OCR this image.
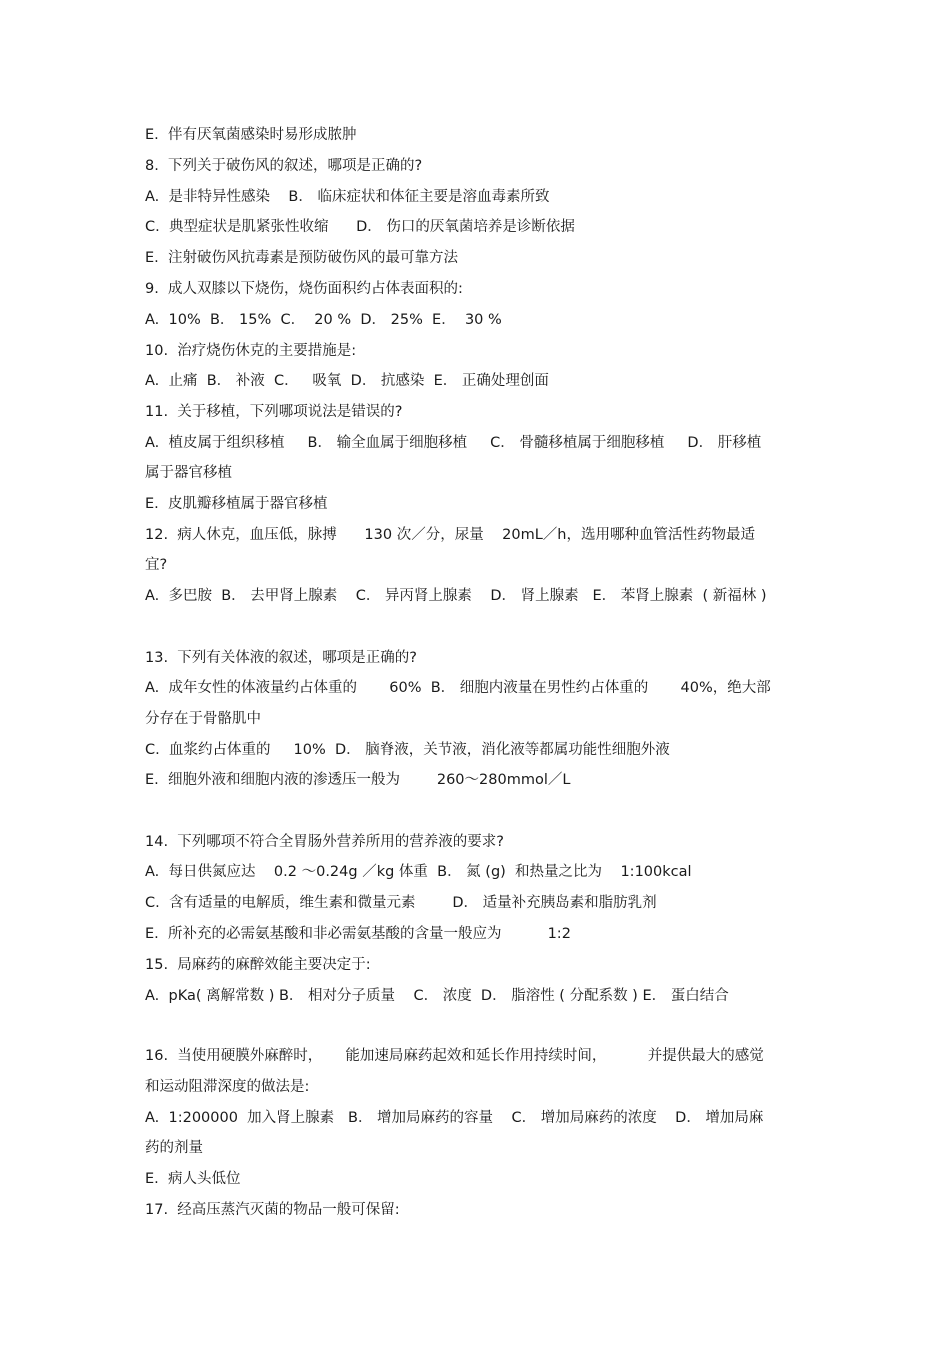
E.  伴有厌氧菌感染时易形成脓肿

8.  下列关于破伤风的叙述，哪项是正确的?

A.  是非特异性感染    B． 临床症状和体征主要是溶血毒素所致

C.  典型症状是肌紧张性收缩      D． 伤口的厌氧菌培养是诊断依据

E.  注射破伤风抗毒素是预防破伤风的最可靠方法

9.  成人双膝以下烧伤，烧伤面积约占体表面积的:

A.  10%  B． 15%  C．  20 %  D． 25%  E．  30 %

10.  治疗烧伤休克的主要措施是:

A.  止痛  B． 补液  C．   吸氧  D． 抗感染  E． 正确处理创面

11.  关于移植，下列哪项说法是错误的?

A.  植皮属于组织移植     B． 输全血属于细胞移植     C． 骨髓移植属于细胞移植     D． 肝移植

属于器官移植

E.  皮肌瓣移植属于器官移植

12.  病人休克，血压低，脉搏      130 次／分，尿量    20mL／h，选用哪种血管活性药物最适

宜?

A.  多巴胺  B． 去甲肾上腺素    C． 异丙肾上腺素    D． 肾上腺素   E． 苯肾上腺素  ( 新福林 )

13.  下列有关体液的叙述，哪项是正确的?

A.  成年女性的体液量约占体重的       60%  B． 细胞内液量在男性约占体重的       40%，绝大部

分存在于骨骼肌中

C.  血浆约占体重的     10%  D． 脑脊液，关节液，消化液等都属功能性细胞外液

E.  细胞外液和细胞内液的渗透压一般为        260～280mmol／L

14.  下列哪项不符合全胃肠外营养所用的营养液的要求?

A.  每日供氮应达    0.2 ～0.24g ／kg 体重  B． 氮 (g)  和热量之比为    1:100kcal

C.  含有适量的电解质，维生素和微量元素        D． 适量补充胰岛素和脂肪乳剂

E.  所补充的必需氨基酸和非必需氨基酸的含量一般应为          1:2

15.  局麻药的麻醉效能主要决定于:

A.  pKa( 离解常数 ) B． 相对分子质量    C． 浓度  D． 脂溶性 ( 分配系数 ) E． 蛋白结合

16.  当使用硬膜外麻醉时，     能加速局麻药起效和延长作用持续时间，         并提供最大的感觉

和运动阻滞深度的做法是:

A.  1:200000  加入肾上腺素   B． 增加局麻药的容量    C． 增加局麻药的浓度    D． 增加局麻

药的剂量

E.  病人头低位

17.  经高压蒸汽灭菌的物品一般可保留:
